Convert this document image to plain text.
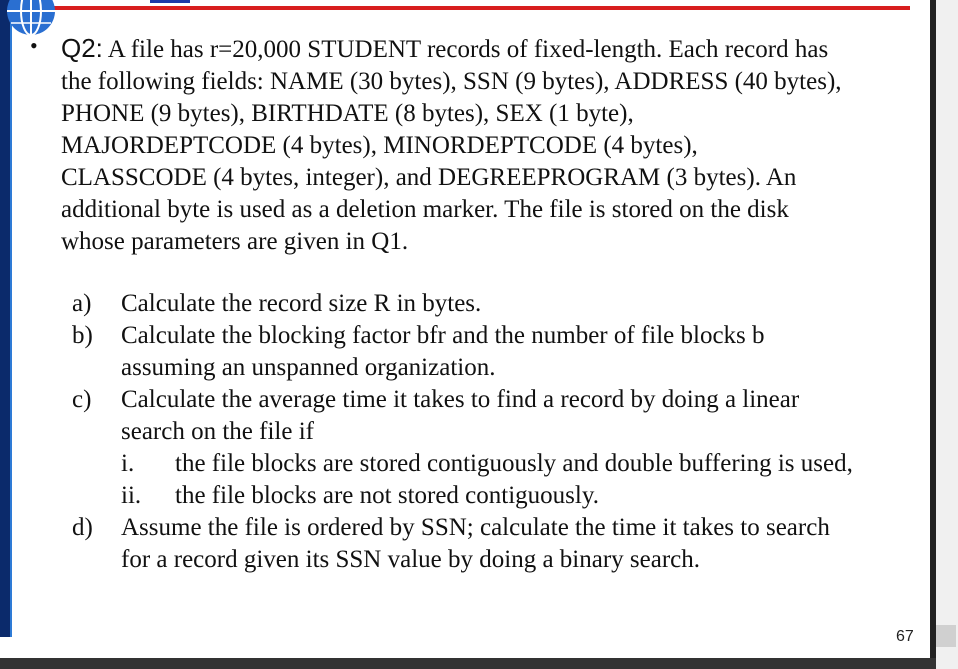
• Q2: A file has r=20,000 STUDENT records of fixed-length. Each record has
the following fields: NAME (30 bytes), SSN (9 bytes), ADDRESS (40 bytes),
PHONE (9 bytes), BIRTHDATE (8 bytes), SEX (1 byte),
MAJORDEPTCODE (4 bytes), MINORDEPTCODE (4 bytes),
CLASSCODE (4 bytes, integer), and DEGREEPROGRAM (3 bytes). An
additional byte is used as a deletion marker. The file is stored on the disk
whose parameters are given in Q1.
a) Calculate the record size R in bytes.
b) Calculate the blocking factor bfr and the number of file blocks b
assuming an unspanned organization.
c) Calculate the average time it takes to find a record by doing a linear
search on the file if
i. the file blocks are stored contiguously and double buffering is used,
ii. the file blocks are not stored contiguously.
d) Assume the file is ordered by SSN; calculate the time it takes to search
for a record given its SSN value by doing a binary search.
67
